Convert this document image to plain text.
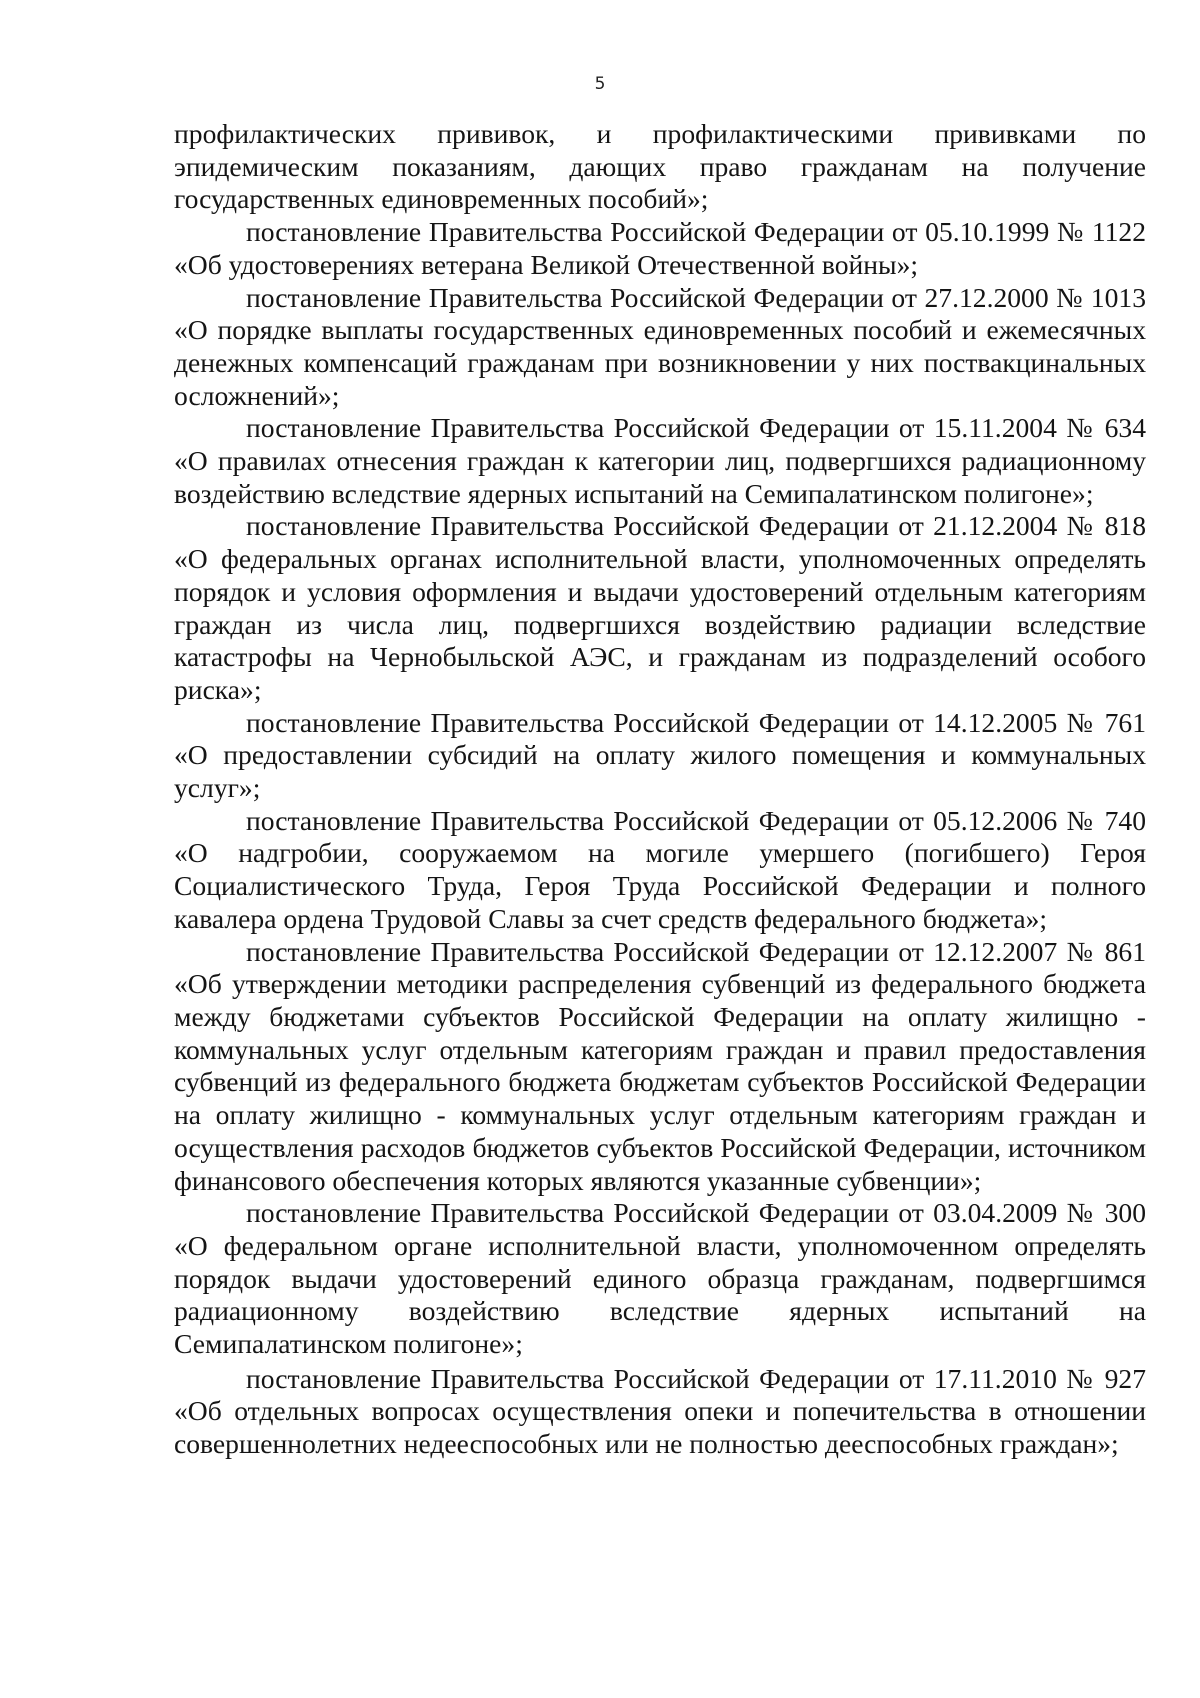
5

профилактических прививок, и профилактическими прививками по эпидемическим показаниям, дающих право гражданам на получение государственных единовременных пособий»;

постановление Правительства Российской Федерации от 05.10.1999 № 1122 «Об удостоверениях ветерана Великой Отечественной войны»;

постановление Правительства Российской Федерации от 27.12.2000 № 1013 «О порядке выплаты государственных единовременных пособий и ежемесячных денежных компенсаций гражданам при возникновении у них поствакцинальных осложнений»;

постановление Правительства Российской Федерации от 15.11.2004 № 634 «О правилах отнесения граждан к категории лиц, подвергшихся радиационному воздействию вследствие ядерных испытаний на Семипалатинском полигоне»;

постановление Правительства Российской Федерации от 21.12.2004 № 818 «О федеральных органах исполнительной власти, уполномоченных определять порядок и условия оформления и выдачи удостоверений отдельным категориям граждан из числа лиц, подвергшихся воздействию радиации вследствие катастрофы на Чернобыльской АЭС, и гражданам из подразделений особого риска»;

постановление Правительства Российской Федерации от 14.12.2005 № 761 «О предоставлении субсидий на оплату жилого помещения и коммунальных услуг»;

постановление Правительства Российской Федерации от 05.12.2006 № 740 «О надгробии, сооружаемом на могиле умершего (погибшего) Героя Социалистического Труда, Героя Труда Российской Федерации и полного кавалера ордена Трудовой Славы за счет средств федерального бюджета»;

постановление Правительства Российской Федерации от 12.12.2007 № 861 «Об утверждении методики распределения субвенций из федерального бюджета между бюджетами субъектов Российской Федерации на оплату жилищно - коммунальных услуг отдельным категориям граждан и правил предоставления субвенций из федерального бюджета бюджетам субъектов Российской Федерации на оплату жилищно - коммунальных услуг отдельным категориям граждан и осуществления расходов бюджетов субъектов Российской Федерации, источником финансового обеспечения которых являются указанные субвенции»;

постановление Правительства Российской Федерации от 03.04.2009 № 300 «О федеральном органе исполнительной власти, уполномоченном определять порядок выдачи удостоверений единого образца гражданам, подвергшимся радиационному воздействию вследствие ядерных испытаний на Семипалатинском полигоне»;

постановление Правительства Российской Федерации от 17.11.2010 № 927 «Об отдельных вопросах осуществления опеки и попечительства в отношении совершеннолетних недееспособных или не полностью дееспособных граждан»;
